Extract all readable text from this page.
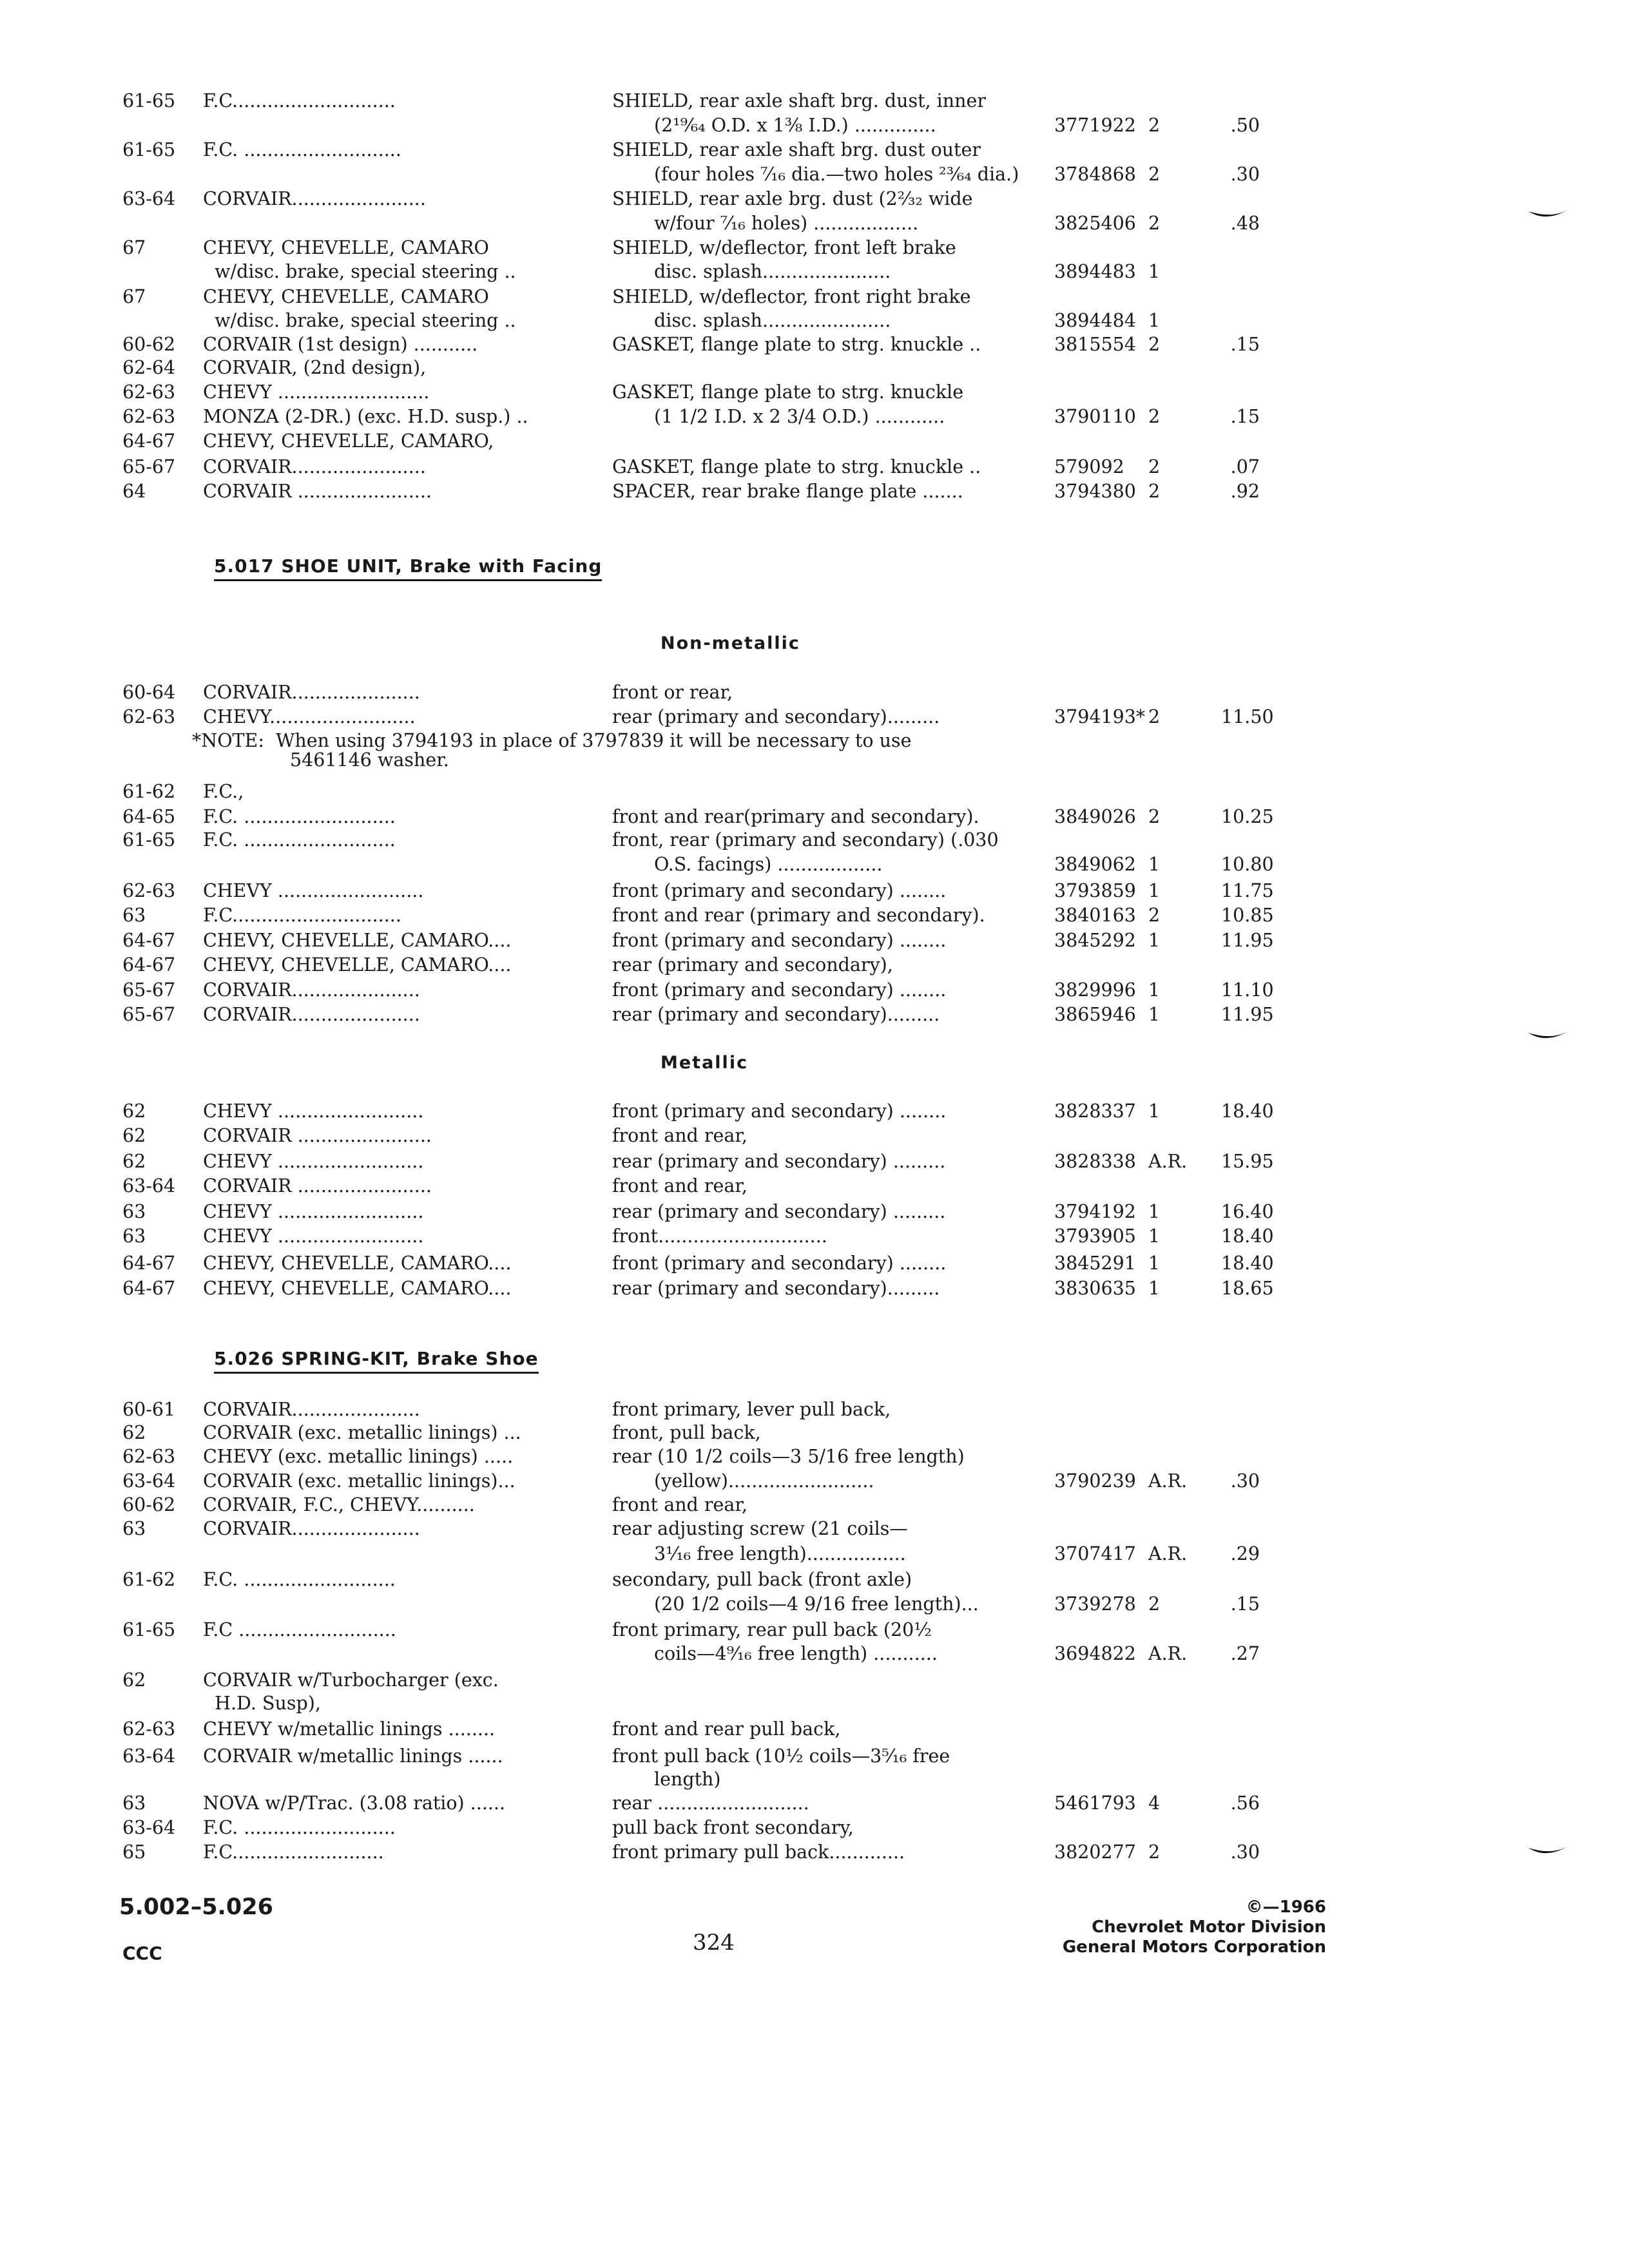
61-65 F.C............................	SHIELD, rear axle shaft brg. dust, inner
(2¹⁹⁄₆₄ O.D. x 1⅜ I.D.) ..............	3771922 2	.50
61-65 F.C. ...........................	SHIELD, rear axle shaft brg. dust outer
(four holes ⁷⁄₁₆ dia.—two holes ²³⁄₆₄ dia.) 3784868 2	.30
63-64 CORVAIR.......................	SHIELD, rear axle brg. dust (2²⁄₃₂ wide
w/four ⁷⁄₁₆ holes) ..................	3825406 2	.48
67	CHEVY, CHEVELLE, CAMARO	SHIELD, w/deflector, front left brake
w/disc. brake, special steering ..	disc. splash......................	3894483 1
67	CHEVY, CHEVELLE, CAMARO	SHIELD, w/deflector, front right brake
w/disc. brake, special steering ..	disc. splash......................	3894484 1
60-62 CORVAIR (1st design) ...........	GASKET, flange plate to strg. knuckle ..	3815554 2	.15
62-64 CORVAIR, (2nd design),
62-63 CHEVY ..........................	GASKET, flange plate to strg. knuckle
62-63 MONZA (2-DR.) (exc. H.D. susp.) ..	(1 1/2 I.D. x 2 3/4 O.D.) ............	3790110 2	.15
64-67 CHEVY, CHEVELLE, CAMARO,
65-67 CORVAIR.......................	GASKET, flange plate to strg. knuckle ..	579092 2	.07
64	CORVAIR .......................	SPACER, rear brake flange plate .......	3794380 2	.92
60-64 CORVAIR......................	front or rear,
62-63 CHEVY.........................	rear (primary and secondary).........	3794193* 2	11.50
*NOTE:  When using 3794193 in place of 3797839 it will be necessary to use
5461146 washer.
61-62 F.C.,
64-65 F.C. ..........................	front and rear(primary and secondary).	3849026 2	10.25
61-65 F.C. ..........................	front, rear (primary and secondary) (.030
O.S. facings) ..................	3849062 1	10.80
62-63 CHEVY .........................	front (primary and secondary) ........	3793859 1	11.75
63	F.C.............................	front and rear (primary and secondary).	3840163 2	10.85
64-67 CHEVY, CHEVELLE, CAMARO....	front (primary and secondary) ........	3845292 1	11.95
64-67 CHEVY, CHEVELLE, CAMARO....	rear (primary and secondary),
65-67 CORVAIR......................	front (primary and secondary) ........	3829996 1	11.10
65-67 CORVAIR......................	rear (primary and secondary).........	3865946 1	11.95
62	CHEVY .........................	front (primary and secondary) ........	3828337 1	18.40
62	CORVAIR .......................	front and rear,
62	CHEVY .........................	rear (primary and secondary) .........	3828338 A.R. 15.95
63-64 CORVAIR .......................	front and rear,
63	CHEVY .........................	rear (primary and secondary) .........	3794192 1	16.40
63	CHEVY .........................	front.............................	3793905 1	18.40
64-67 CHEVY, CHEVELLE, CAMARO....	front (primary and secondary) ........	3845291 1	18.40
64-67 CHEVY, CHEVELLE, CAMARO....	rear (primary and secondary).........	3830635 1	18.65
60-61 CORVAIR......................	front primary, lever pull back,
62	CORVAIR (exc. metallic linings) ...	front, pull back,
62-63 CHEVY (exc. metallic linings) .....	rear (10 1/2 coils—3 5/16 free length)
63-64 CORVAIR (exc. metallic linings)...	(yellow).........................	3790239 A.R.	.30
60-62 CORVAIR, F.C., CHEVY..........	front and rear,
63	CORVAIR......................	rear adjusting screw (21 coils—
3¹⁄₁₆ free length).................	3707417 A.R.	.29
61-62 F.C. ..........................	secondary, pull back (front axle)
(20 1/2 coils—4 9/16 free length)...	3739278 2	.15
61-65 F.C ...........................	front primary, rear pull back (20½
coils—4⁹⁄₁₆ free length) ...........	3694822 A.R.	.27
62	CORVAIR w/Turbocharger (exc.
H.D. Susp),
62-63 CHEVY w/metallic linings ........	front and rear pull back,
63-64 CORVAIR w/metallic linings ......	front pull back (10½ coils—3⁵⁄₁₆ free
length)
63	NOVA w/P/Trac. (3.08 ratio) ......	rear ..........................	5461793 4	.56
63-64 F.C. ..........................	pull back front secondary,
65	F.C..........................	front primary pull back.............	3820277 2	.30
5.017 SHOE UNIT, Brake with Facing
Non-metallic
Metallic
5.026 SPRING-KIT, Brake Shoe
5.002–5.026
CCC	324
©—1966
Chevrolet Motor Division
General Motors Corporation
